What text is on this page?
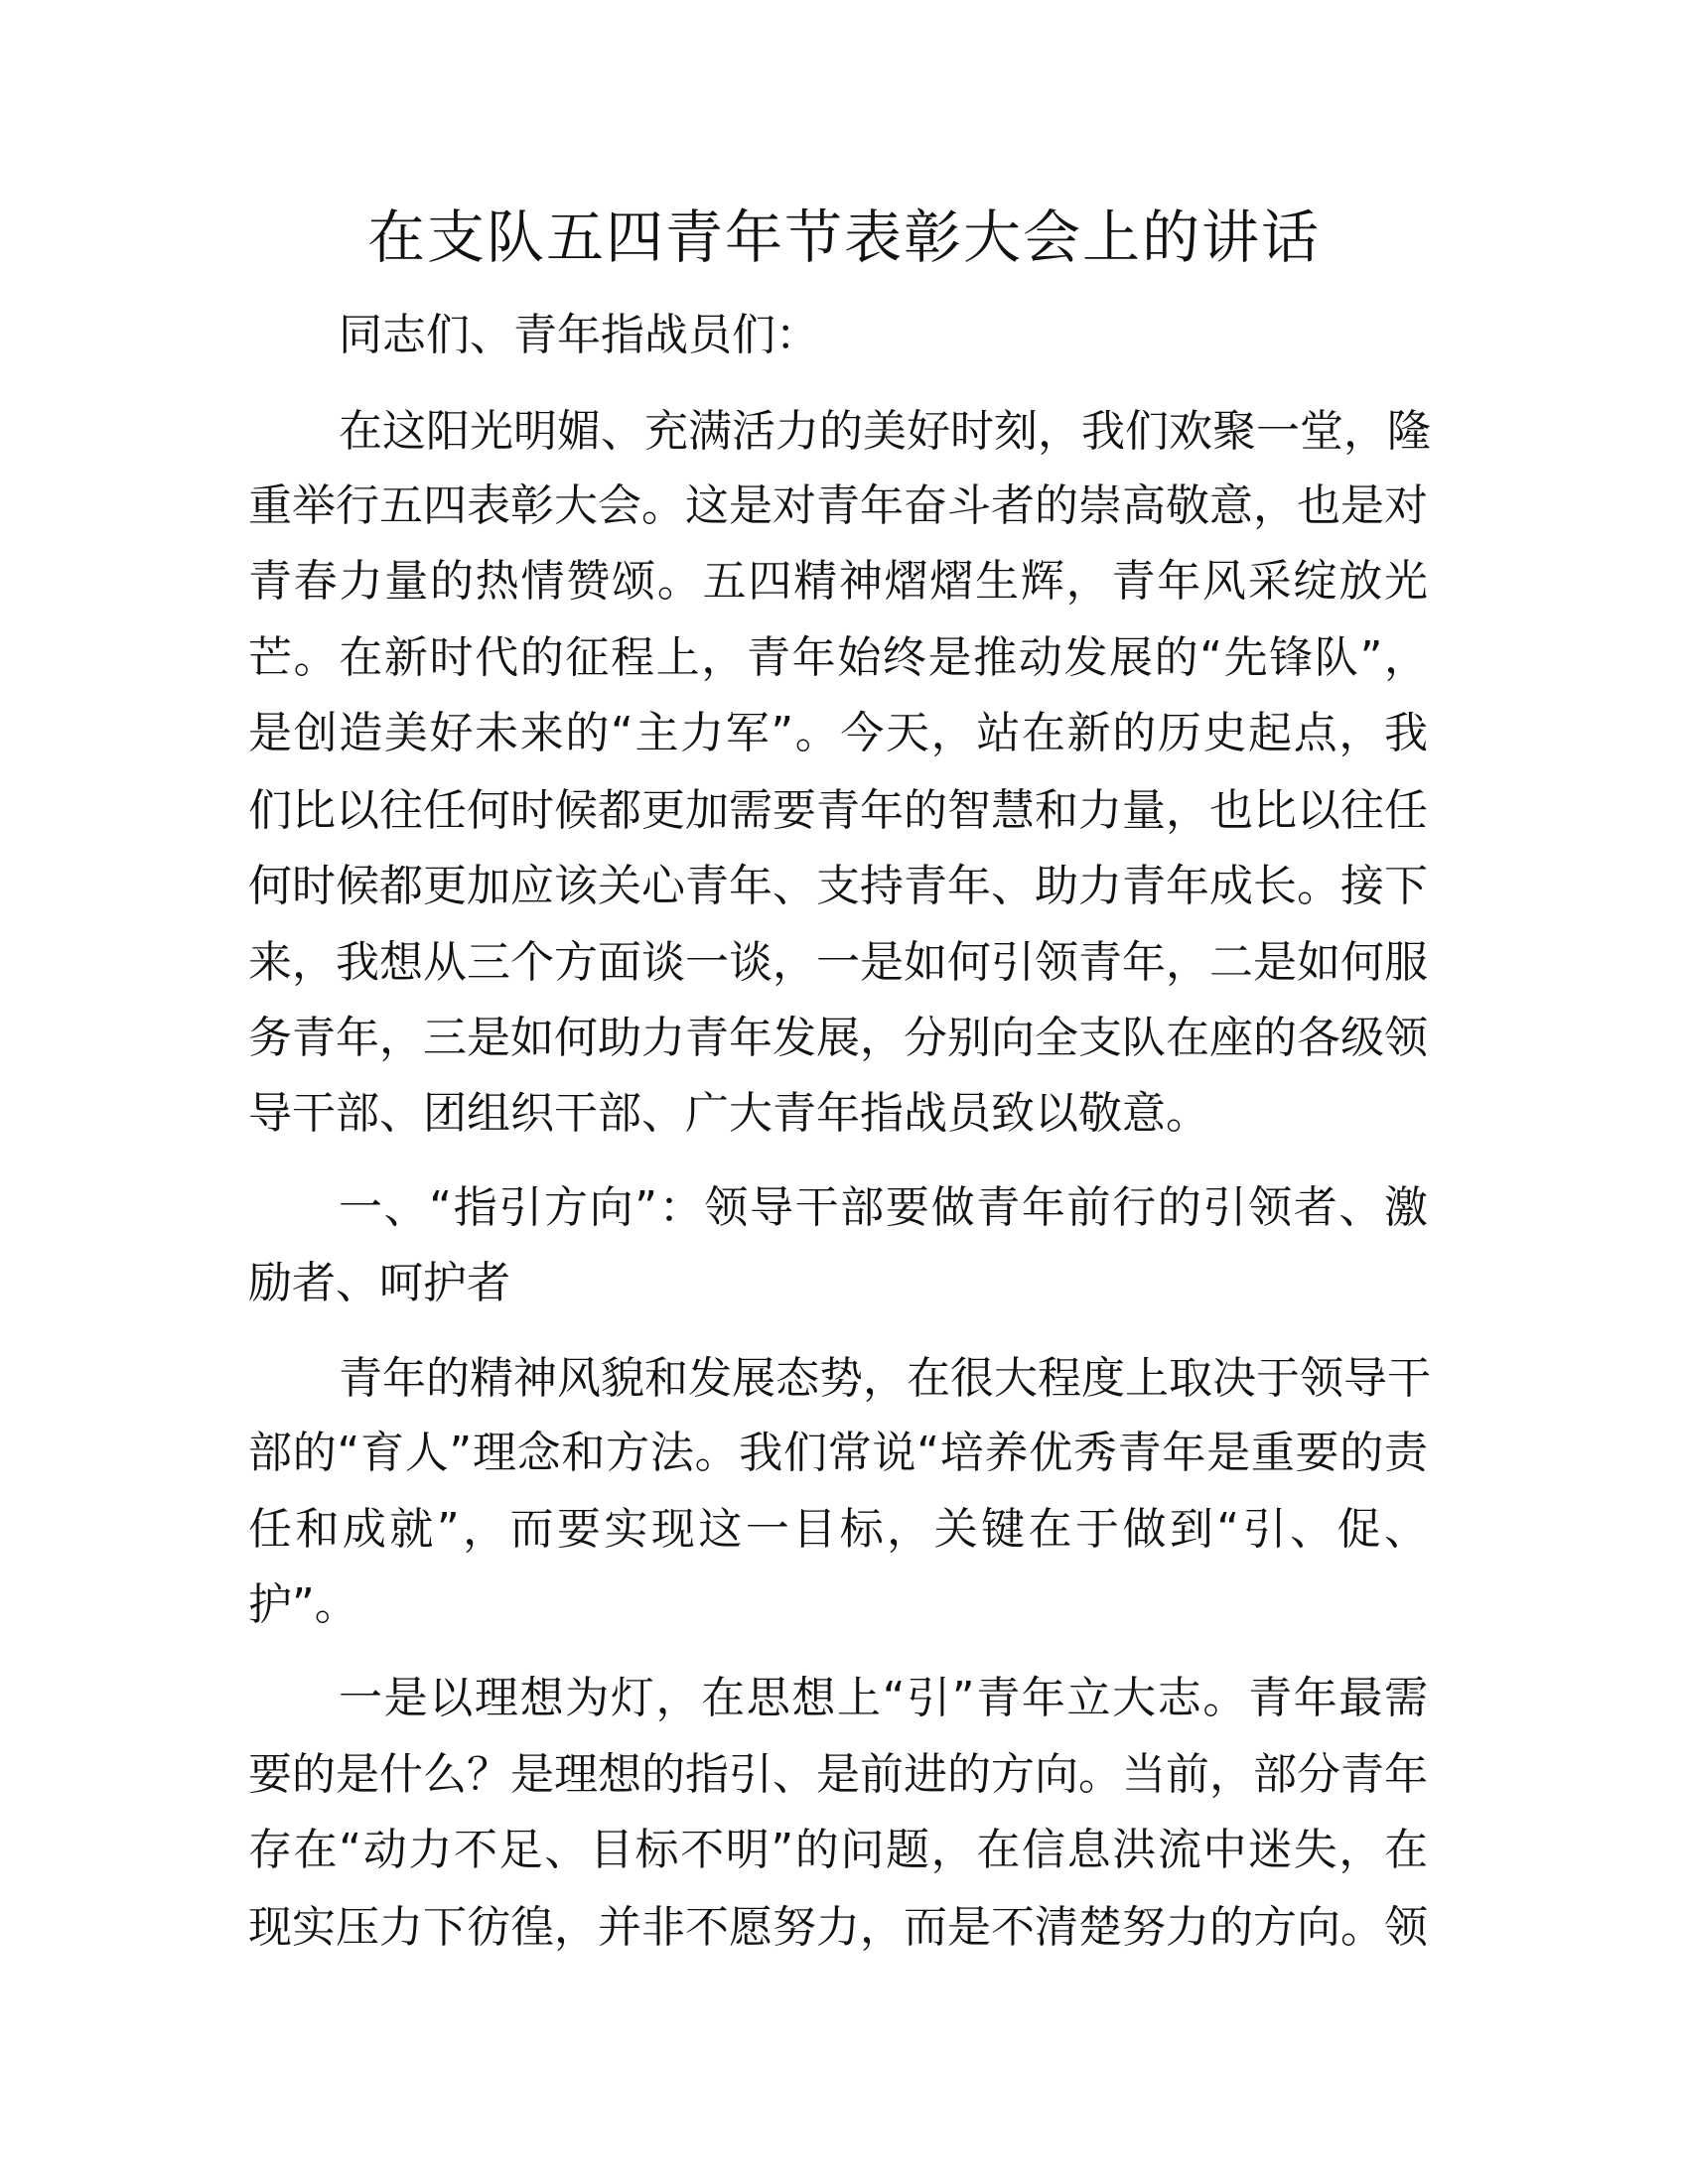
在支队五四青年节表彰大会上的讲话
同志们、青年指战员们：
在这阳光明媚、充满活力的美好时刻，我们欢聚一堂，隆
重举行五四表彰大会。这是对青年奋斗者的崇高敬意，也是对
青春力量的热情赞颂。五四精神熠熠生辉，青年风采绽放光
芒。在新时代的征程上，青年始终是推动发展的“先锋队”，
是创造美好未来的“主力军”。今天，站在新的历史起点，我
们比以往任何时候都更加需要青年的智慧和力量，也比以往任
何时候都更加应该关心青年、支持青年、助力青年成长。接下
来，我想从三个方面谈一谈，一是如何引领青年，二是如何服
务青年，三是如何助力青年发展，分别向全支队在座的各级领
导干部、团组织干部、广大青年指战员致以敬意。
一、“指引方向”：领导干部要做青年前行的引领者、激
励者、呵护者
青年的精神风貌和发展态势，在很大程度上取决于领导干
部的“育人”理念和方法。我们常说“培养优秀青年是重要的责
任和成就”，而要实现这一目标，关键在于做到“引、促、
护”。
一是以理想为灯，在思想上“引”青年立大志。青年最需
要的是什么？是理想的指引、是前进的方向。当前，部分青年
存在“动力不足、目标不明”的问题，在信息洪流中迷失，在
现实压力下彷徨，并非不愿努力，而是不清楚努力的方向。领
